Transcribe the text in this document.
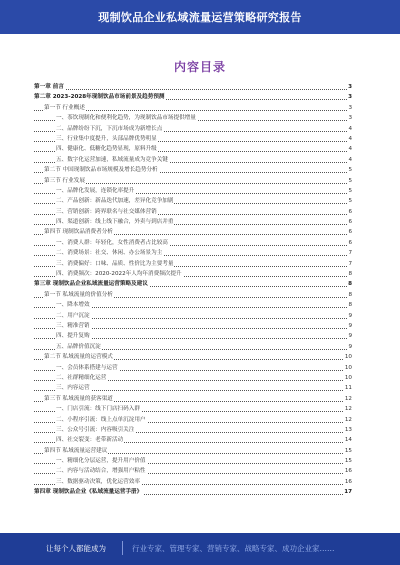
现制饮品企业私域流量运营策略研究报告
内容目录
第一章 前言	3
第二章 2023-2028年现制饮品市场前景及趋势预测	3
第一节 行业概述	3
一、茶饮现制化和便利化趋势，为现制饮品市场提供增量	3
二、品牌纷纷下沉，下沉市场成为新增长点	4
三、行业集中度提升，头部品牌优势明显	4
四、健康化、低糖化趋势显现，原料升级	4
五、数字化运营加速，私域流量成为竞争关键	4
第二节 中国现制饮品市场规模及增长趋势分析	5
第三节 行业发展	5
一、品牌化发展，连锁化率提升	5
二、产品创新：新品迭代加速，差异化竞争加剧	5
三、营销创新：跨界联名与社交媒体营销	6
四、渠道创新：线上线下融合，外卖与到店并重	6
第四节 现制饮品消费者分析	6
一、消费人群：年轻化，女性消费者占比较高	6
二、消费场景：社交、休闲、办公场景为主	7
三、消费偏好：口味、品质、性价比为主要考量	7
四、消费频次：2020-2022年人均年消费频次提升	8
第三章 现制饮品企业私域流量运营策略及建议	8
第一节 私域流量的价值分析	8
一、降本增效	8
二、用户沉淀	9
三、精准营销	9
四、提升复购	9
五、品牌价值沉淀	9
第二节 私域流量的运营模式	10
一、会员体系搭建与运营	10
二、社群精细化运营	10
三、内容运营	11
第三节 私域流量的获客渠道	12
一、门店引流：线下门店扫码入群	12
二、小程序引流：线上点单沉淀用户	12
三、公众号引流：内容吸引关注	13
四、社交裂变：老带新活动	14
第四节 私域流量运营建议	15
一、精细化分层运营，提升用户价值	15
二、内容与活动结合，增强用户粘性	16
三、数据驱动决策，优化运营效率	16
第四章 现制饮品企业《私域流量运营手册》	17
让每个人都能成为	行业专家、管理专家、营销专家、战略专家、成功企业家……
